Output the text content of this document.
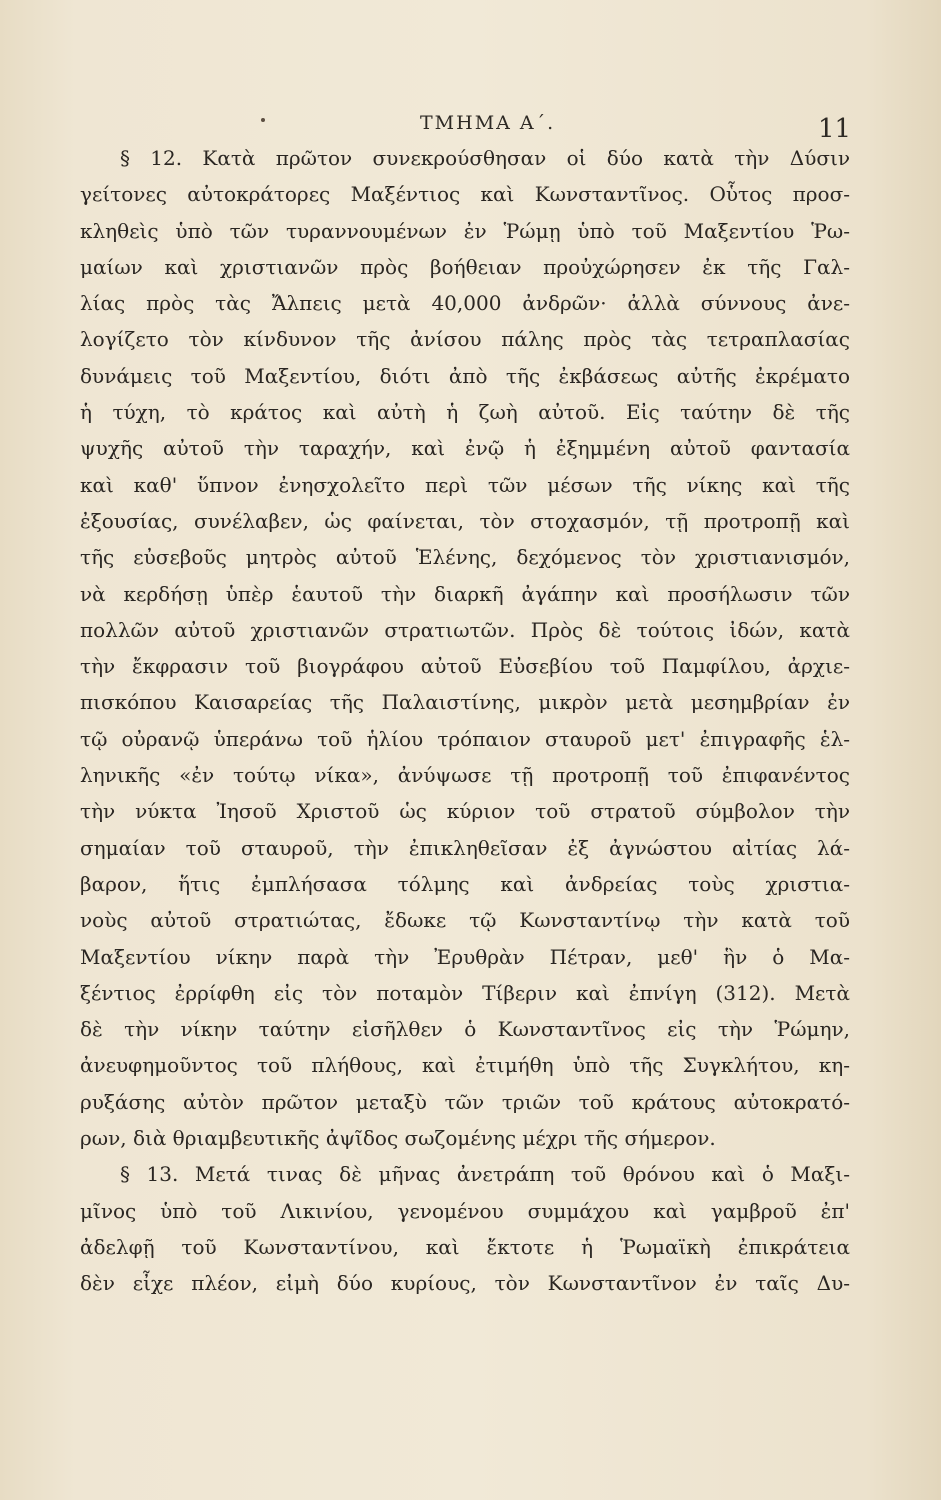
ΤΜΗΜΑ Α΄.	11
§ 12. Κατὰ πρῶτον συνεκρούσθησαν οἱ δύο κατὰ τὴν Δύσιν
γείτονες αὐτοκράτορες Μαξέντιος καὶ Κωνσταντῖνος. Οὗτος προσ-
κληθεὶς ὑπὸ τῶν τυραννουμένων ἐν Ῥώμῃ ὑπὸ τοῦ Μαξεντίου Ῥω-
μαίων καὶ χριστιανῶν πρὸς βοήθειαν προὐχώρησεν ἐκ τῆς Γαλ-
λίας πρὸς τὰς Ἄλπεις μετὰ 40,000 ἀνδρῶν· ἀλλὰ σύννους ἀνε-
λογίζετο τὸν κίνδυνον τῆς ἀνίσου πάλης πρὸς τὰς τετραπλασίας
δυνάμεις τοῦ Μαξεντίου, διότι ἀπὸ τῆς ἐκβάσεως αὐτῆς ἐκρέματο
ἡ τύχη, τὸ κράτος καὶ αὐτὴ ἡ ζωὴ αὐτοῦ. Εἰς ταύτην δὲ τῆς
ψυχῆς αὐτοῦ τὴν ταραχήν, καὶ ἐνῷ ἡ ἐξημμένη αὐτοῦ φαντασία
καὶ καθ' ὕπνον ἐνησχολεῖτο περὶ τῶν μέσων τῆς νίκης καὶ τῆς
ἐξουσίας, συνέλαβεν, ὡς φαίνεται, τὸν στοχασμόν, τῇ προτροπῇ καὶ
τῆς εὐσεβοῦς μητρὸς αὐτοῦ Ἑλένης, δεχόμενος τὸν χριστιανισμόν,
νὰ κερδήσῃ ὑπὲρ ἑαυτοῦ τὴν διαρκῆ ἀγάπην καὶ προσήλωσιν τῶν
πολλῶν αὐτοῦ χριστιανῶν στρατιωτῶν. Πρὸς δὲ τούτοις ἰδών, κατὰ
τὴν ἔκφρασιν τοῦ βιογράφου αὐτοῦ Εὐσεβίου τοῦ Παμφίλου, ἀρχιε-
πισκόπου Καισαρείας τῆς Παλαιστίνης, μικρὸν μετὰ μεσημβρίαν ἐν
τῷ οὐρανῷ ὑπεράνω τοῦ ἡλίου τρόπαιον σταυροῦ μετ' ἐπιγραφῆς ἑλ-
ληνικῆς «ἐν τούτῳ νίκα», ἀνύψωσε τῇ προτροπῇ τοῦ ἐπιφανέντος
τὴν νύκτα Ἰησοῦ Χριστοῦ ὡς κύριον τοῦ στρατοῦ σύμβολον τὴν
σημαίαν τοῦ σταυροῦ, τὴν ἐπικληθεῖσαν ἐξ ἀγνώστου αἰτίας λά-
βαρον, ἥτις ἐμπλήσασα τόλμης καὶ ἀνδρείας τοὺς χριστια-
νοὺς αὐτοῦ στρατιώτας, ἔδωκε τῷ Κωνσταντίνῳ τὴν κατὰ τοῦ
Μαξεντίου νίκην παρὰ τὴν Ἐρυθρὰν Πέτραν, μεθ' ἣν ὁ Μα-
ξέντιος ἐρρίφθη εἰς τὸν ποταμὸν Τίβεριν καὶ ἐπνίγη (312). Μετὰ
δὲ τὴν νίκην ταύτην εἰσῆλθεν ὁ Κωνσταντῖνος εἰς τὴν Ῥώμην,
ἀνευφημοῦντος τοῦ πλήθους, καὶ ἐτιμήθη ὑπὸ τῆς Συγκλήτου, κη-
ρυξάσης αὐτὸν πρῶτον μεταξὺ τῶν τριῶν τοῦ κράτους αὐτοκρατό-
ρων, διὰ θριαμβευτικῆς ἀψῖδος σωζομένης μέχρι τῆς σήμερον.
§ 13. Μετά τινας δὲ μῆνας ἀνετράπη τοῦ θρόνου καὶ ὁ Μαξι-
μῖνος ὑπὸ τοῦ Λικινίου, γενομένου συμμάχου καὶ γαμβροῦ ἐπ'
ἀδελφῇ τοῦ Κωνσταντίνου, καὶ ἔκτοτε ἡ Ῥωμαϊκὴ ἐπικράτεια
δὲν εἶχε πλέον, εἰμὴ δύο κυρίους, τὸν Κωνσταντῖνον ἐν ταῖς Δυ-
